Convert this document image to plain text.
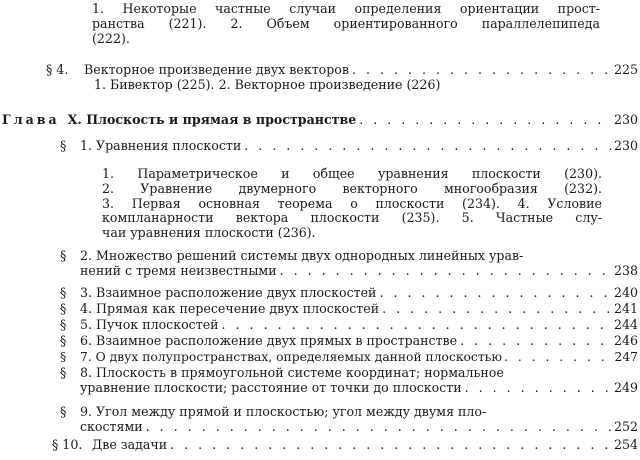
1. Некоторые частные случаи определения ориентации прост-
ранства (221). 2. Объем ориентированного параллелепипеда
(222).
§ 4.	Векторное произведение двух векторов . . .	225
1. Бивектор (225). 2. Векторное произведение (226)
Глава X. Плоскость и прямая в пространстве . . .	230
§	1. Уравнения плоскости . . .	230
1. Параметрическое и общее уравнения плоскости (230).
2. Уравнение двумерного векторного многообразия (232).
3. Первая основная теорема о плоскости (234). 4. Условие
компланарности вектора плоскости (235). 5. Частные слу-
чаи уравнения плоскости (236).
§	2. Множество решений системы двух однородных линейных урав-
нений с тремя неизвестными . . .	238
§	3. Взаимное расположение двух плоскостей . . .	240
§	4. Прямая как пересечение двух плоскостей . . .	241
§	5. Пучок плоскостей . . .	244
§	6. Взаимное расположение двух прямых в пространстве . . .	246
§	7. О двух полупространствах, определяемых данной плоскостью . . .	247
§	8. Плоскость в прямоугольной системе координат; нормальное
уравнение плоскости; расстояние от точки до плоскости . . .	249
§	9. Угол между прямой и плоскостью; угол между двумя пло-
скостями . . .	252
§ 10. Две задачи . . .	254
